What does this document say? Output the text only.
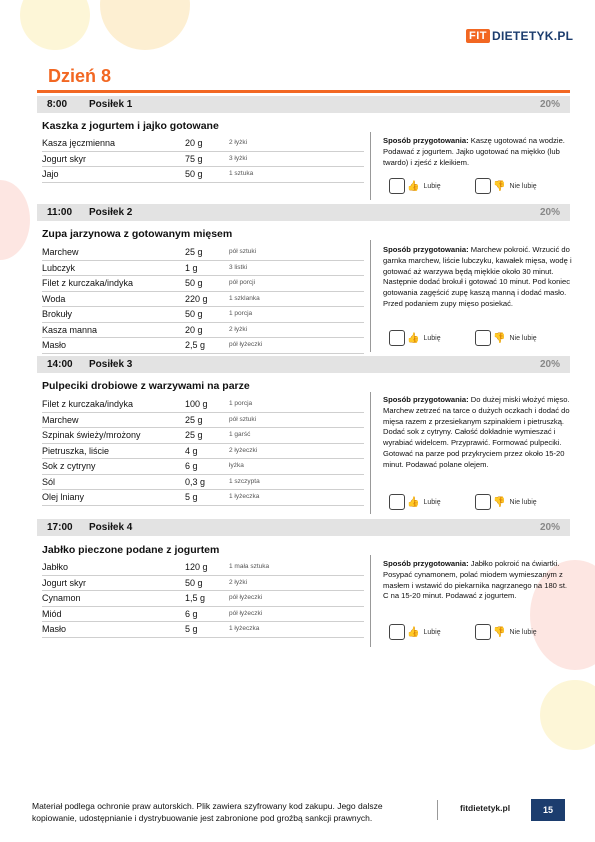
FIT DIETETYK.PL
Dzień 8
8:00 Posiłek 1	20%
Kaszka z jogurtem i jajko gotowane
Kasza jęczmienna	20 g	2 łyżki
Jogurt skyr	75 g	3 łyżki
Jajo	50 g	1 sztuka
Sposób przygotowania: Kaszę ugotować na wodzie. Podawać z jogurtem. Jajko ugotować na miękko (lub twardo) i zjeść z kleikiem.
👍 Lubię	👎 Nie lubię
11:00 Posiłek 2	20%
Zupa jarzynowa z gotowanym mięsem
Marchew	25 g	pół sztuki
Lubczyk	1 g	3 listki
Filet z kurczaka/indyka	50 g	pół porcji
Woda	220 g	1 szklanka
Brokuły	50 g	1 porcja
Kasza manna	20 g	2 łyżki
Masło	2,5 g	pół łyżeczki
Sposób przygotowania: Marchew pokroić. Wrzucić do garnka marchew, liście lubczyku, kawałek mięsa, wodę i gotować aż warzywa będą miękkie około 30 minut. Następnie dodać brokuł i gotować 10 minut. Pod koniec gotowania zagęścić zupę kaszą manną i dodać masło. Przed podaniem zupy mięso posiekać.
👍 Lubię	👎 Nie lubię
14:00 Posiłek 3	20%
Pulpeciki drobiowe z warzywami na parze
Filet z kurczaka/indyka	100 g	1 porcja
Marchew	25 g	pół sztuki
Szpinak świeży/mrożony	25 g	1 garść
Pietruszka, liście	4 g	2 łyżeczki
Sok z cytryny	6 g	łyżka
Sól	0,3 g	1 szczypta
Olej lniany	5 g	1 łyżeczka
Sposób przygotowania: Do dużej miski włożyć mięso. Marchew zetrzeć na tarce o dużych oczkach i dodać do mięsa razem z przesiekanym szpinakiem i pietruszką. Dodać sok z cytryny. Całość dokładnie wymieszać i wyrabiać widelcem. Przyprawić. Formować pulpeciki. Gotować na parze pod przykryciem przez około 15-20 minut. Podawać polane olejem.
👍 Lubię	👎 Nie lubię
17:00 Posiłek 4	20%
Jabłko pieczone podane z jogurtem
Jabłko	120 g	1 mała sztuka
Jogurt skyr	50 g	2 łyżki
Cynamon	1,5 g	pół łyżeczki
Miód	6 g	pół łyżeczki
Masło	5 g	1 łyżeczka
Sposób przygotowania: Jabłko pokroić na ćwiartki. Posypać cynamonem, polać miodem wymieszanym z masłem i wstawić do piekarnika nagrzanego na 180 st. C na 15-20 minut. Podawać z jogurtem.
👍 Lubię	👎 Nie lubię
Materiał podlega ochronie praw autorskich. Plik zawiera szyfrowany kod zakupu. Jego dalsze kopiowanie, udostępnianie i dystrybuowanie jest zabronione pod groźbą sankcji prawnych.
fitdietetyk.pl	15
